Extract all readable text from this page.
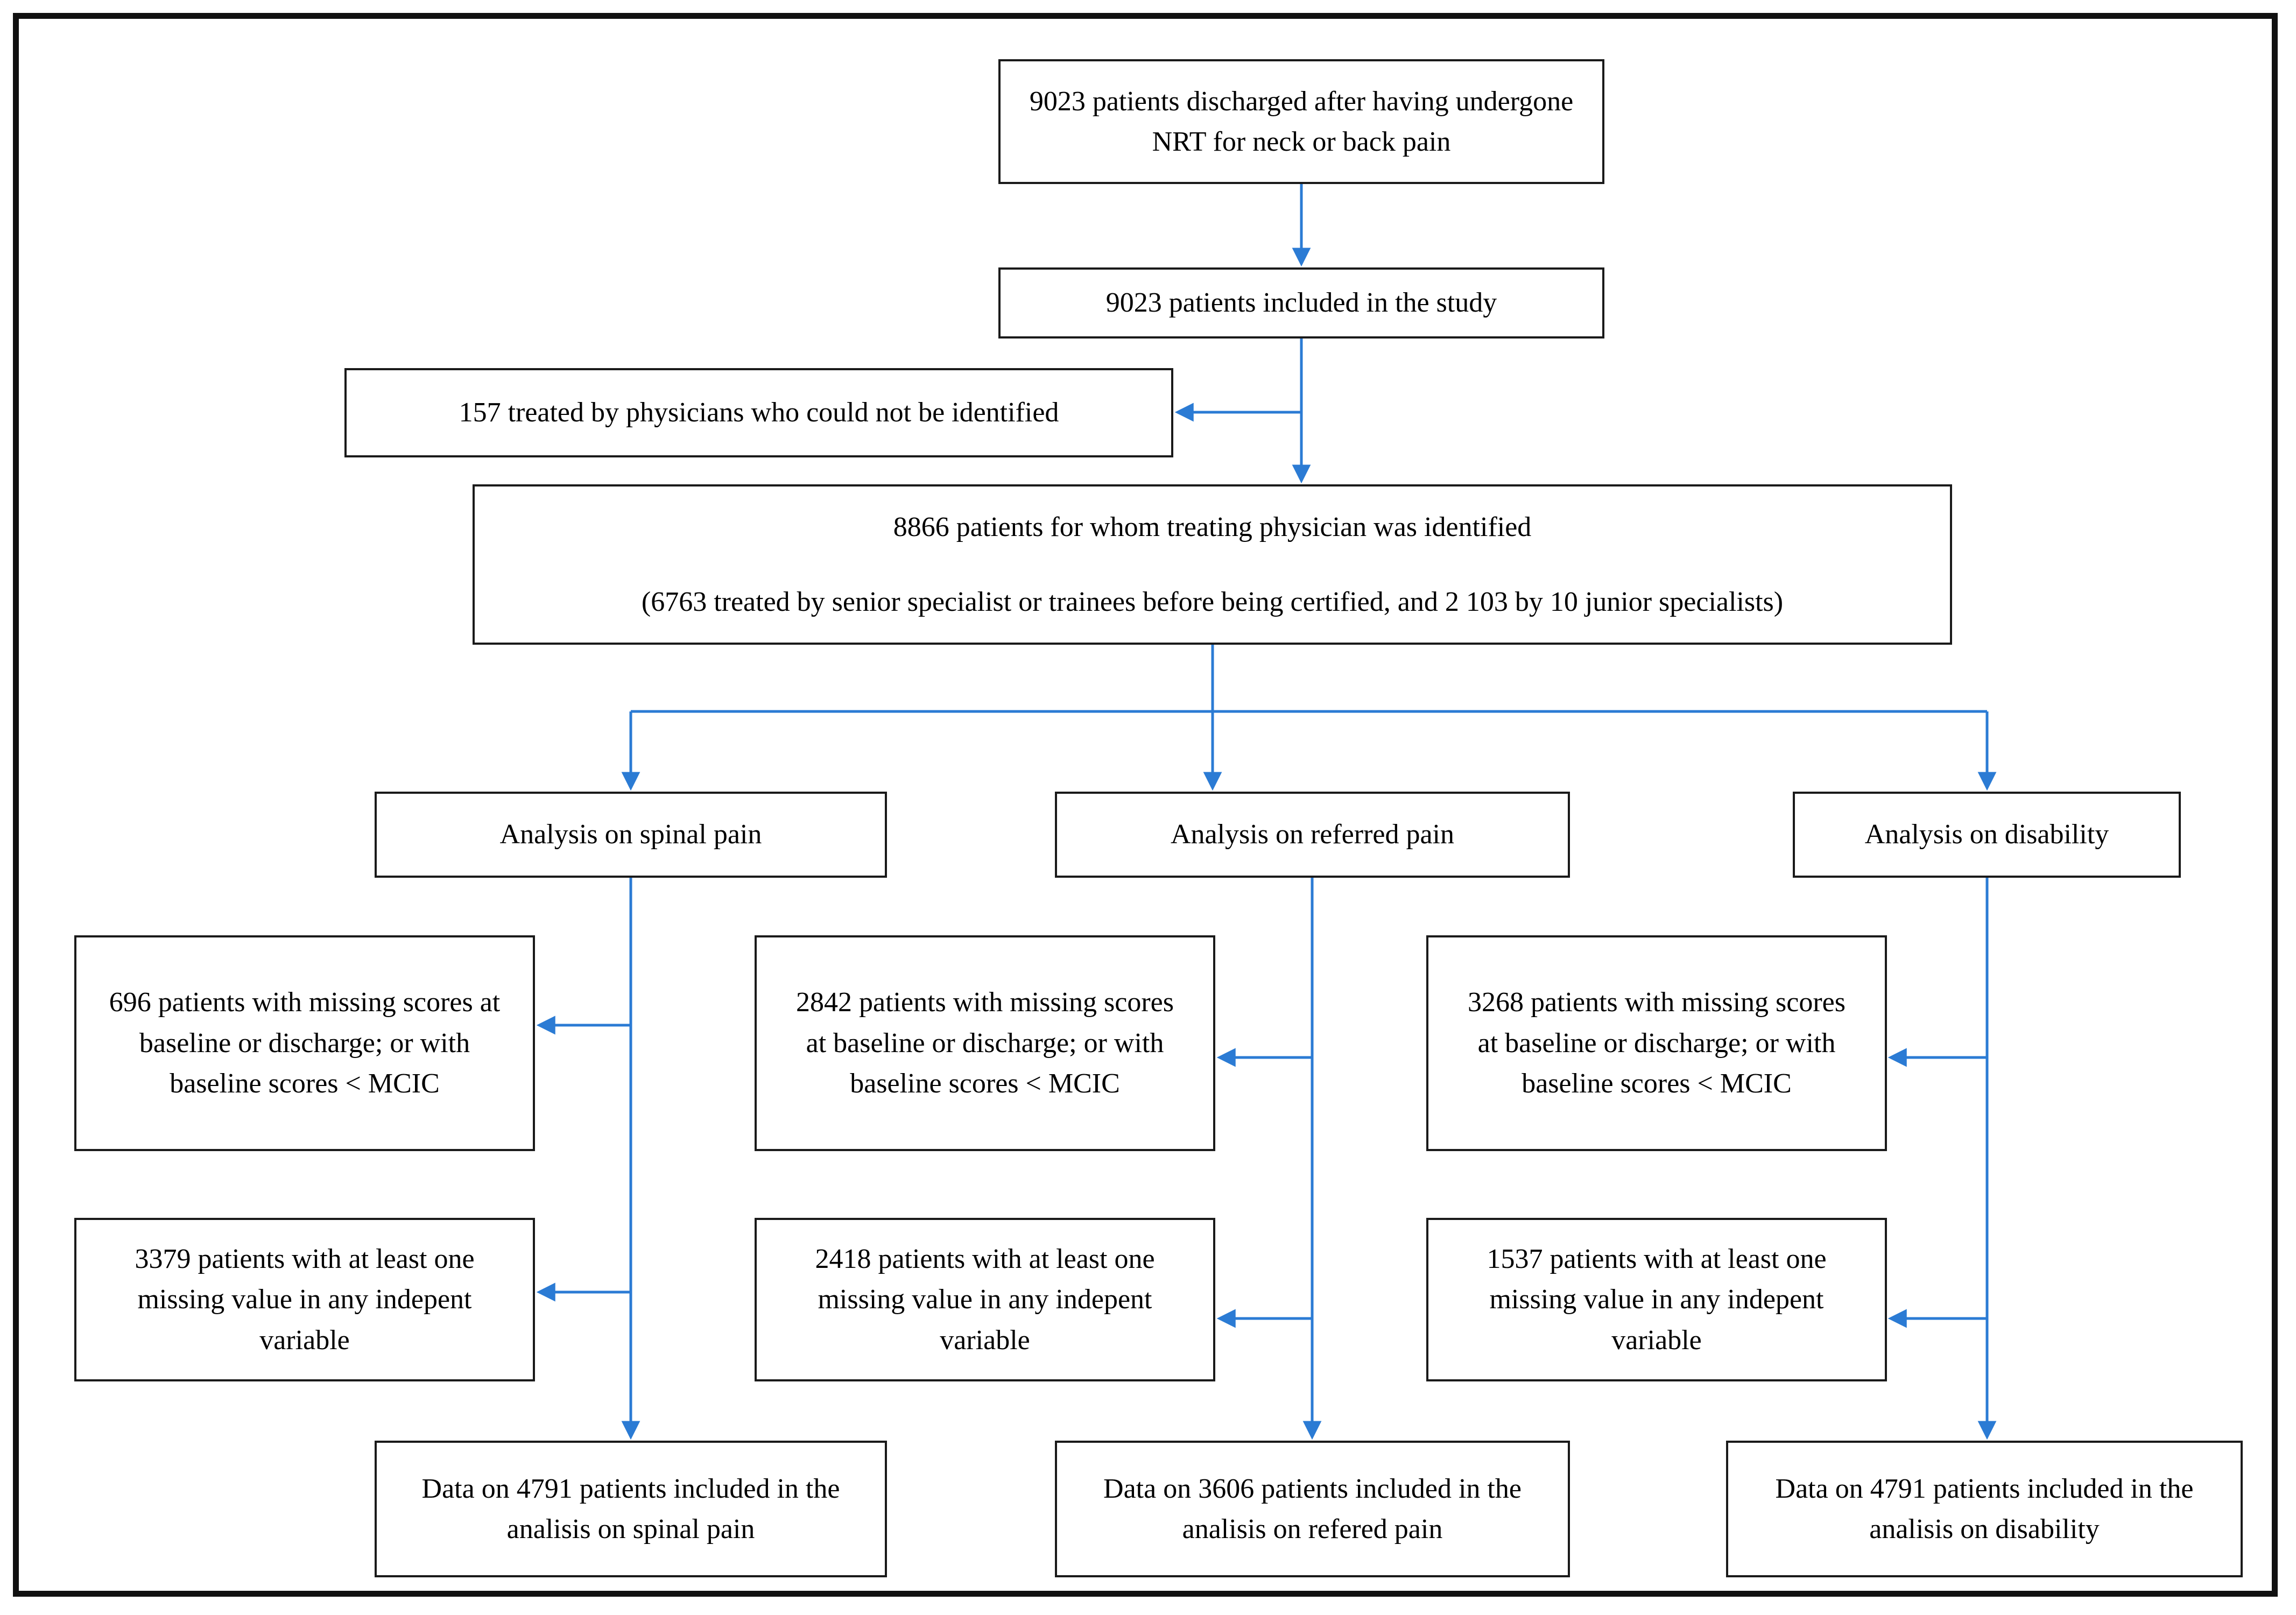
9023 patients discharged after having undergone NRT for neck or back pain
9023 patients included in the study
157 treated by physicians who could not be identified
8866 patients for whom treating physician was identified
(6763 treated by senior specialist or trainees before being certified, and 2 103 by 10 junior specialists)
Analysis on spinal pain	Analysis on referred pain	Analysis on disability
696 patients with missing scores at baseline or discharge; or with baseline scores < MCIC
2842 patients with missing scores at baseline or discharge; or with baseline scores < MCIC
3268 patients with missing scores at baseline or discharge; or with baseline scores < MCIC
3379 patients with at least one missing value in any indepent variable
2418 patients with at least one missing value in any indepent variable
1537 patients with at least one missing value in any indepent variable
Data on 4791 patients included in the analisis on spinal pain
Data on 3606 patients included in the analisis on refered pain
Data on 4791 patients included in the analisis on disability
